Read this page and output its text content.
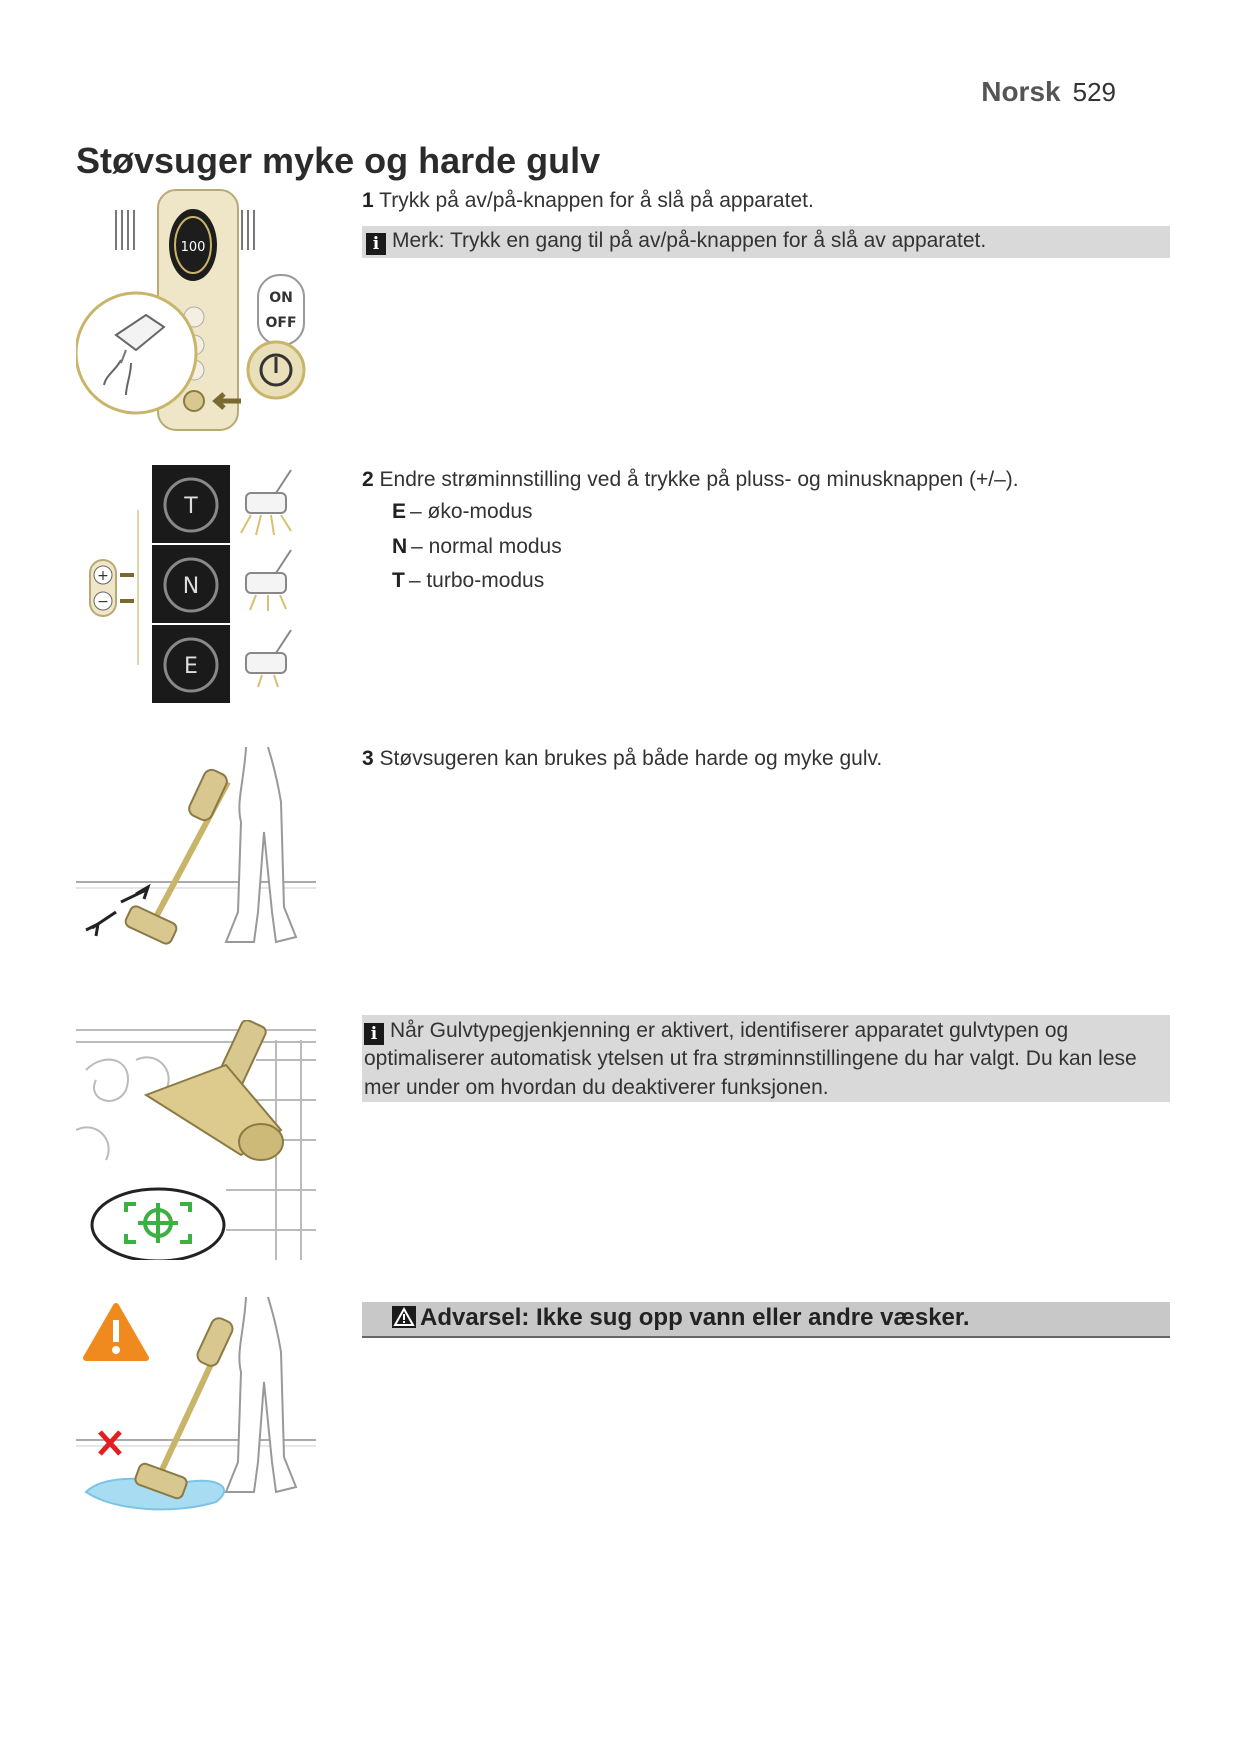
Norsk 529
Støvsuger myke og harde gulv
100
ON
OFF
1 Trykk på av/på-knappen for å slå på apparatet.
i Merk: Trykk en gang til på av/på-knappen for å slå av apparatet.
+
−
T
N
E
2 Endre strøminnstilling ved å trykke på pluss- og minusknappen (+/–).
E – øko-modus
N – normal modus
T – turbo-modus
3 Støvsugeren kan brukes på både harde og myke gulv.
i Når Gulvtypegjenkjenning er aktivert, identifiserer apparatet gulvtypen og optimaliserer automatisk ytelsen ut fra strøminnstillingene du har valgt. Du kan lese mer under om hvordan du deaktiverer funksjonen.
Advarsel: Ikke sug opp vann eller andre væsker.
